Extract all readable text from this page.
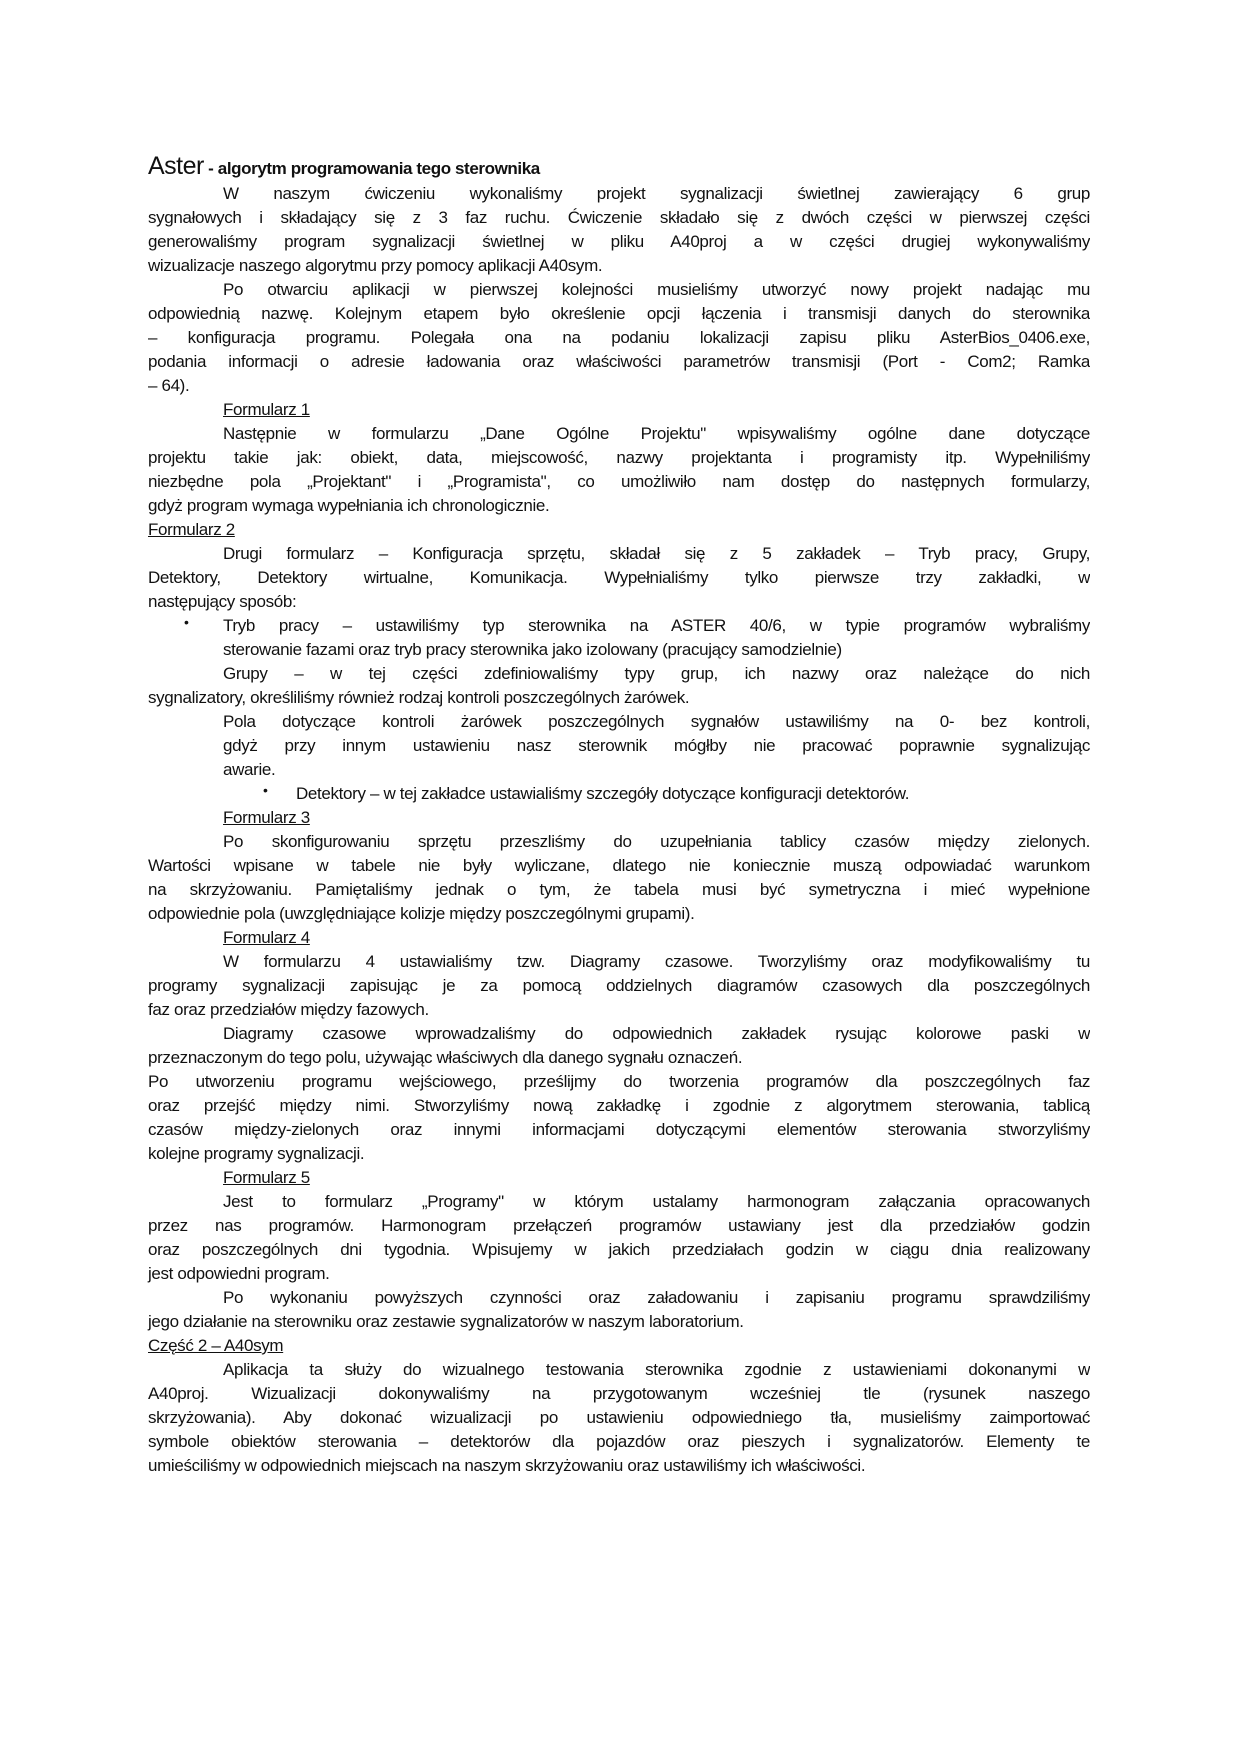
Aster - algorytm programowania tego sterownika
W naszym ćwiczeniu wykonaliśmy projekt sygnalizacji świetlnej zawierający 6 grup
sygnałowych i składający się z 3 faz ruchu. Ćwiczenie składało się z dwóch części w pierwszej części
generowaliśmy program sygnalizacji świetlnej w pliku A40proj a w części drugiej wykonywaliśmy
wizualizacje naszego algorytmu przy pomocy aplikacji A40sym.
Po otwarciu aplikacji w pierwszej kolejności musieliśmy utworzyć nowy projekt nadając mu
odpowiednią nazwę. Kolejnym etapem było określenie opcji łączenia i transmisji danych do sterownika
– konfiguracja programu. Polegała ona na podaniu lokalizacji zapisu pliku AsterBios_0406.exe,
podania informacji o adresie ładowania oraz właściwości parametrów transmisji (Port - Com2; Ramka
– 64).
Formularz 1
Następnie w formularzu „Dane Ogólne Projektu" wpisywaliśmy ogólne dane dotyczące
projektu takie jak: obiekt, data, miejscowość, nazwy projektanta i programisty itp. Wypełniliśmy
niezbędne pola „Projektant" i „Programista", co umożliwiło nam dostęp do następnych formularzy,
gdyż program wymaga wypełniania ich chronologicznie.
Formularz 2
Drugi formularz – Konfiguracja sprzętu, składał się z 5 zakładek – Tryb pracy, Grupy,
Detektory, Detektory wirtualne, Komunikacja. Wypełnialiśmy tylko pierwsze trzy zakładki, w
następujący sposób:
• Tryb pracy – ustawiliśmy typ sterownika na ASTER 40/6, w typie programów wybraliśmy
sterowanie fazami oraz tryb pracy sterownika jako izolowany (pracujący samodzielnie)
Grupy – w tej części zdefiniowaliśmy typy grup, ich nazwy oraz należące do nich
sygnalizatory, określiliśmy również rodzaj kontroli poszczególnych żarówek.
Pola dotyczące kontroli żarówek poszczególnych sygnałów ustawiliśmy na 0- bez kontroli,
gdyż przy innym ustawieniu nasz sterownik mógłby nie pracować poprawnie sygnalizując
awarie.
• Detektory – w tej zakładce ustawialiśmy szczegóły dotyczące konfiguracji detektorów.
Formularz 3
Po skonfigurowaniu sprzętu przeszliśmy do uzupełniania tablicy czasów między zielonych.
Wartości wpisane w tabele nie były wyliczane, dlatego nie koniecznie muszą odpowiadać warunkom
na skrzyżowaniu. Pamiętaliśmy jednak o tym, że tabela musi być symetryczna i mieć wypełnione
odpowiednie pola (uwzględniające kolizje między poszczególnymi grupami).
Formularz 4
W formularzu 4 ustawialiśmy tzw. Diagramy czasowe. Tworzyliśmy oraz modyfikowaliśmy tu
programy sygnalizacji zapisując je za pomocą oddzielnych diagramów czasowych dla poszczególnych
faz oraz przedziałów między fazowych.
Diagramy czasowe wprowadzaliśmy do odpowiednich zakładek rysując kolorowe paski w
przeznaczonym do tego polu, używając właściwych dla danego sygnału oznaczeń.
Po utworzeniu programu wejściowego, prześlijmy do tworzenia programów dla poszczególnych faz
oraz przejść między nimi. Stworzyliśmy nową zakładkę i zgodnie z algorytmem sterowania, tablicą
czasów między-zielonych oraz innymi informacjami dotyczącymi elementów sterowania stworzyliśmy
kolejne programy sygnalizacji.
Formularz 5
Jest to formularz „Programy" w którym ustalamy harmonogram załączania opracowanych
przez nas programów. Harmonogram przełączeń programów ustawiany jest dla przedziałów godzin
oraz poszczególnych dni tygodnia. Wpisujemy w jakich przedziałach godzin w ciągu dnia realizowany
jest odpowiedni program.
Po wykonaniu powyższych czynności oraz załadowaniu i zapisaniu programu sprawdziliśmy
jego działanie na sterowniku oraz zestawie sygnalizatorów w naszym laboratorium.
Część 2 – A40sym
Aplikacja ta służy do wizualnego testowania sterownika zgodnie z ustawieniami dokonanymi w
A40proj. Wizualizacji dokonywaliśmy na przygotowanym wcześniej tle (rysunek naszego
skrzyżowania). Aby dokonać wizualizacji po ustawieniu odpowiedniego tła, musieliśmy zaimportować
symbole obiektów sterowania – detektorów dla pojazdów oraz pieszych i sygnalizatorów. Elementy te
umieściliśmy w odpowiednich miejscach na naszym skrzyżowaniu oraz ustawiliśmy ich właściwości.
